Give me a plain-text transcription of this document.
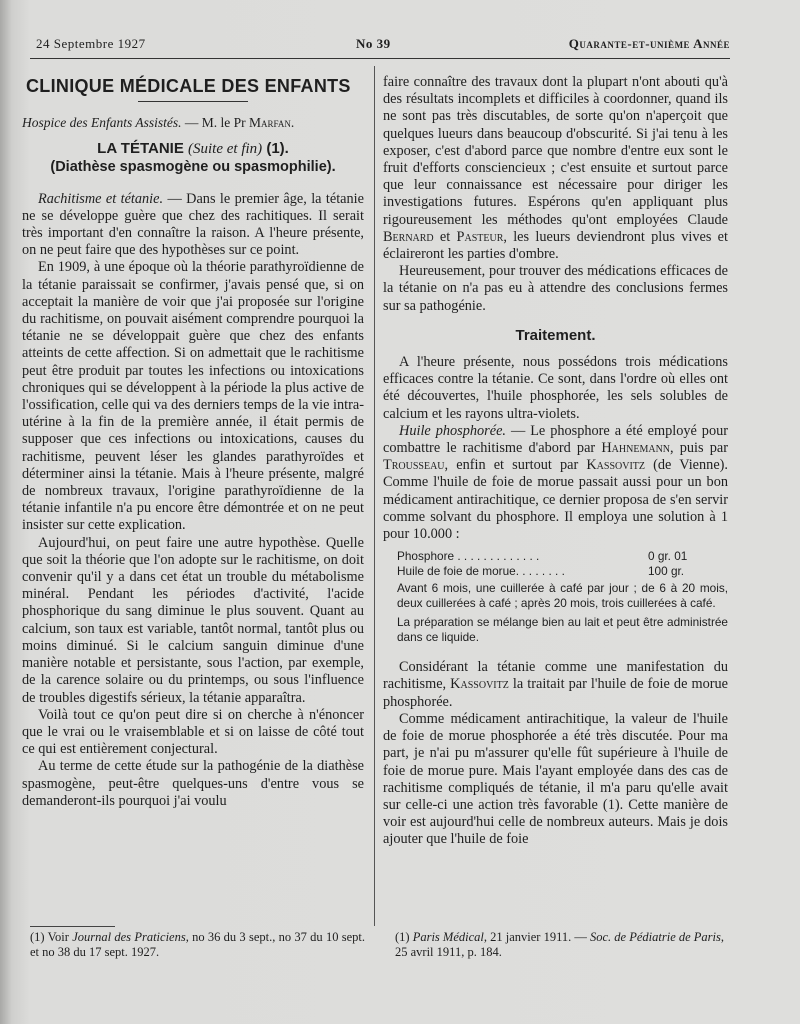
24 Septembre 1927	No 39	Quarante-et-unième Année
CLINIQUE MÉDICALE DES ENFANTS

Hospice des Enfants Assistés. — M. le Pr Marfan.

LA TÉTANIE (Suite et fin) (1).
(Diathèse spasmogène ou spasmophilie).

Rachitisme et tétanie. — Dans le premier âge, la tétanie ne se développe guère que chez des rachitiques. Il serait très important d'en connaître la raison. A l'heure présente, on ne peut faire que des hypothèses sur ce point.

En 1909, à une époque où la théorie parathyroïdienne de la tétanie paraissait se confirmer, j'avais pensé que, si on acceptait la manière de voir que j'ai proposée sur l'origine du rachitisme, on pouvait aisément comprendre pourquoi la tétanie ne se développait guère que chez des enfants atteints de cette affection. Si on admettait que le rachitisme peut être produit par toutes les infections ou intoxications chroniques qui se développent à la période la plus active de l'ossification, celle qui va des derniers temps de la vie intra-utérine à la fin de la première année, il était permis de supposer que ces infections ou intoxications, causes du rachitisme, peuvent léser les glandes parathyroïdes et déterminer ainsi la tétanie. Mais à l'heure présente, malgré de nombreux travaux, l'origine parathyroïdienne de la tétanie infantile n'a pu encore être démontrée et on ne peut insister sur cette explication.

Aujourd'hui, on peut faire une autre hypothèse. Quelle que soit la théorie que l'on adopte sur le rachitisme, on doit convenir qu'il y a dans cet état un trouble du métabolisme minéral. Pendant les périodes d'activité, l'acide phosphorique du sang diminue le plus souvent. Quant au calcium, son taux est variable, tantôt normal, tantôt plus ou moins diminué. Si le calcium sanguin diminue d'une manière notable et persistante, sous l'action, par exemple, de la carence solaire ou du printemps, ou sous l'influence de troubles digestifs sérieux, la tétanie apparaîtra.

Voilà tout ce qu'on peut dire si on cherche à n'énoncer que le vrai ou le vraisemblable et si on laisse de côté tout ce qui est entièrement conjectural.

Au terme de cette étude sur la pathogénie de la diathèse spasmogène, peut-être quelques-uns d'entre vous se demanderont-ils pourquoi j'ai voulu

faire connaître des travaux dont la plupart n'ont abouti qu'à des résultats incomplets et difficiles à coordonner, quand ils ne sont pas très discutables, de sorte qu'on n'aperçoit que quelques lueurs dans beaucoup d'obscurité. Si j'ai tenu à les exposer, c'est d'abord parce que nombre d'entre eux sont le fruit d'efforts consciencieux ; c'est ensuite et surtout parce que leur connaissance est nécessaire pour diriger les investigations futures. Espérons qu'en appliquant plus rigoureusement les méthodes qu'ont employées Claude Bernard et Pasteur, les lueurs deviendront plus vives et éclaireront les parties d'ombre.

Heureusement, pour trouver des médications efficaces de la tétanie on n'a pas eu à attendre des conclusions fermes sur sa pathogénie.

Traitement.

A l'heure présente, nous possédons trois médications efficaces contre la tétanie. Ce sont, dans l'ordre où elles ont été découvertes, l'huile phosphorée, les sels solubles de calcium et les rayons ultra-violets.

Huile phosphorée. — Le phosphore a été employé pour combattre le rachitisme d'abord par Hahnemann, puis par Trousseau, enfin et surtout par Kassovitz (de Vienne). Comme l'huile de foie de morue passait aussi pour un bon médicament antirachitique, ce dernier proposa de s'en servir comme solvant du phosphore. Il employa une solution à 1 pour 10.000 :

Phosphore . . . . . . . . . . . . .	0 gr. 01
Huile de foie de morue. . . . . . . .	100 gr.

Avant 6 mois, une cuillerée à café par jour ; de 6 à 20 mois, deux cuillerées à café ; après 20 mois, trois cuillerées à café.

La préparation se mélange bien au lait et peut être administrée dans ce liquide.

Considérant la tétanie comme une manifestation du rachitisme, Kassovitz la traitait par l'huile de foie de morue phosphorée.

Comme médicament antirachitique, la valeur de l'huile de foie de morue phosphorée a été très discutée. Pour ma part, je n'ai pu m'assurer qu'elle fût supérieure à l'huile de foie de morue pure. Mais l'ayant employée dans des cas de rachitisme compliqués de tétanie, il m'a paru qu'elle avait sur celle-ci une action très favorable (1). Cette manière de voir est aujourd'hui celle de nombreux auteurs. Mais je dois ajouter que l'huile de foie

(1) Voir Journal des Praticiens, no 36 du 3 sept., no 37 du 10 sept. et no 38 du 17 sept. 1927.
(1) Paris Médical, 21 janvier 1911. — Soc. de Pédiatrie de Paris, 25 avril 1911, p. 184.
